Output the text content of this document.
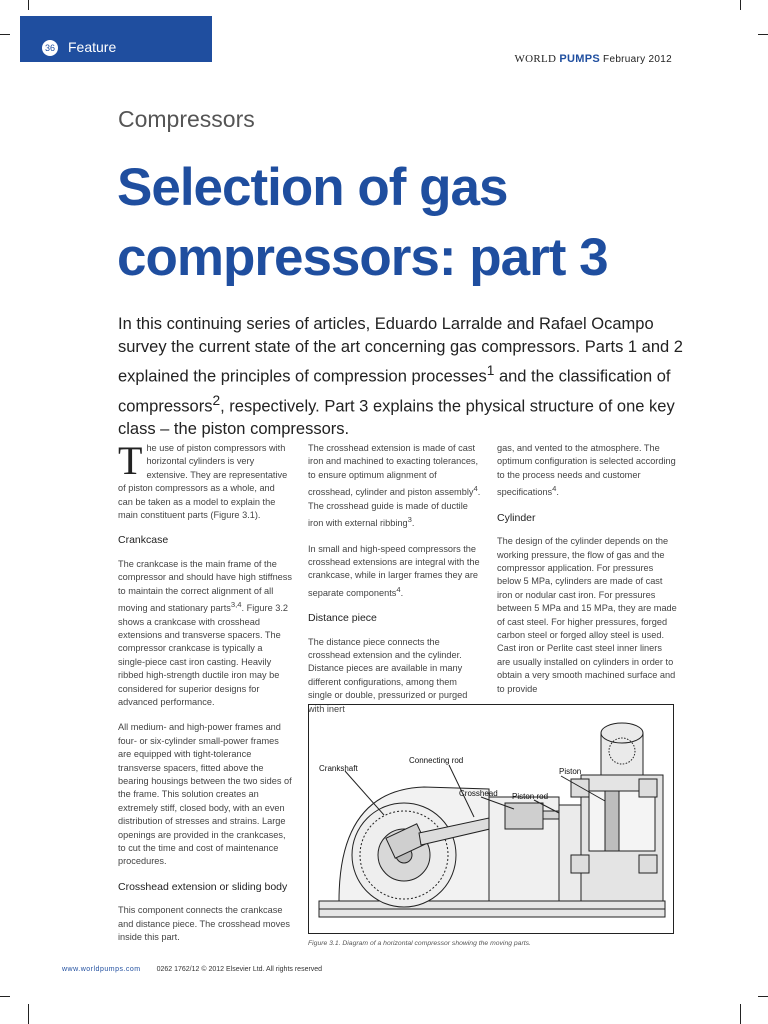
36 Feature
WORLD PUMPS February 2012
Compressors
Selection of gas compressors: part 3
In this continuing series of articles, Eduardo Larralde and Rafael Ocampo survey the current state of the art concerning gas compressors. Parts 1 and 2 explained the principles of compression processes$^1$ and the classification of compressors$^2$, respectively. Part 3 explains the physical structure of one key class – the piston compressors.

The use of piston compressors with horizontal cylinders is very extensive. They are representative of piston compressors as a whole, and can be taken as a model to explain the main constituent parts (Figure 3.1).

Crankcase

The crankcase is the main frame of the compressor and should have high stiffness to maintain the correct alignment of all moving and stationary parts$^{3,4}$. Figure 3.2 shows a crankcase with crosshead extensions and transverse spacers. The compressor crankcase is typically a single-piece cast iron casting. Heavily ribbed high-strength ductile iron may be considered for superior designs for advanced performance.

All medium- and high-power frames and four- or six-cylinder small-power frames are equipped with tight-tolerance transverse spacers, fitted above the bearing housings between the two sides of the frame. This solution creates an extremely stiff, closed body, with an even distribution of stresses and strains. Large openings are provided in the crankcases, to cut the time and cost of maintenance procedures.

Crosshead extension or sliding body

This component connects the crankcase and distance piece. The crosshead moves inside this part.

The crosshead extension is made of cast iron and machined to exacting tolerances, to ensure optimum alignment of crosshead, cylinder and piston assembly$^4$. The crosshead guide is made of ductile iron with external ribbing$^3$.

In small and high-speed compressors the crosshead extensions are integral with the crankcase, while in larger frames they are separate components$^4$.

Distance piece

The distance piece connects the crosshead extension and the cylinder. Distance pieces are available in many different configurations, among them single or double, pressurized or purged with inert

gas, and vented to the atmosphere. The optimum configuration is selected according to the process needs and customer specifications$^4$.

Cylinder

The design of the cylinder depends on the working pressure, the flow of gas and the compressor application. For pressures below 5 MPa, cylinders are made of cast iron or nodular cast iron. For pressures between 5 MPa and 15 MPa, they are made of cast steel. For higher pressures, forged carbon steel or forged alloy steel is used. Cast iron or Perlite cast steel inner liners are usually installed on cylinders in order to obtain a very smooth machined surface and to provide

Crankshaft
Connecting rod
Crosshead Piston rod
Piston
Figure 3.1. Diagram of a horizontal compressor showing the moving parts.
www.worldpumps.com 0262 1762/12 © 2012 Elsevier Ltd. All rights reserved
